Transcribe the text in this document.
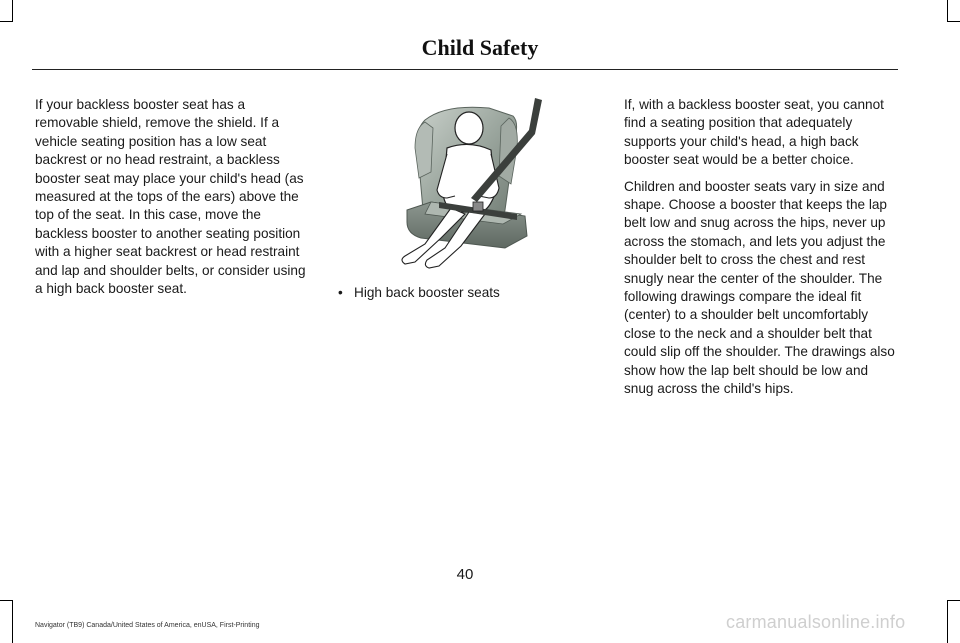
Child Safety

If your backless booster seat has a removable shield, remove the shield. If a vehicle seating position has a low seat backrest or no head restraint, a backless booster seat may place your child's head (as measured at the tops of the ears) above the top of the seat. In this case, move the backless booster to another seating position with a higher seat backrest or head restraint and lap and shoulder belts, or consider using a high back booster seat.	• High back booster seats

If, with a backless booster seat, you cannot find a seating position that adequately supports your child's head, a high back booster seat would be a better choice.

Children and booster seats vary in size and shape. Choose a booster that keeps the lap belt low and snug across the hips, never up across the stomach, and lets you adjust the shoulder belt to cross the chest and rest snugly near the center of the shoulder. The following drawings compare the ideal fit (center) to a shoulder belt uncomfortably close to the neck and a shoulder belt that could slip off the shoulder. The drawings also show how the lap belt should be low and snug across the child's hips.

40
Navigator (TB9) Canada/United States of America, enUSA, First-Printing	carmanualsonline.info
